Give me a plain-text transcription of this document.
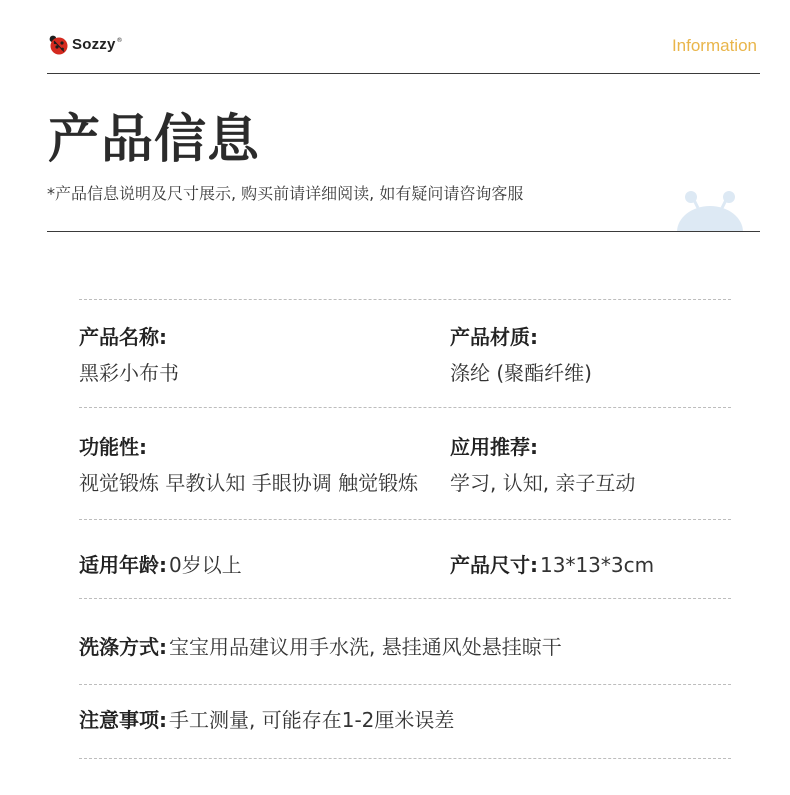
Sozzy ®	Information
产品信息
*产品信息说明及尺寸展示, 购买前请详细阅读, 如有疑问请咨询客服
产品名称:
黑彩小布书
产品材质:
涤纶 (聚酯纤维)
功能性:
视觉锻炼 早教认知 手眼协调 触觉锻炼
应用推荐:
学习, 认知, 亲子互动
适用年龄: 0岁以上	产品尺寸: 13*13*3cm
洗涤方式: 宝宝用品建议用手水洗, 悬挂通风处悬挂晾干
注意事项: 手工测量, 可能存在1-2厘米误差
